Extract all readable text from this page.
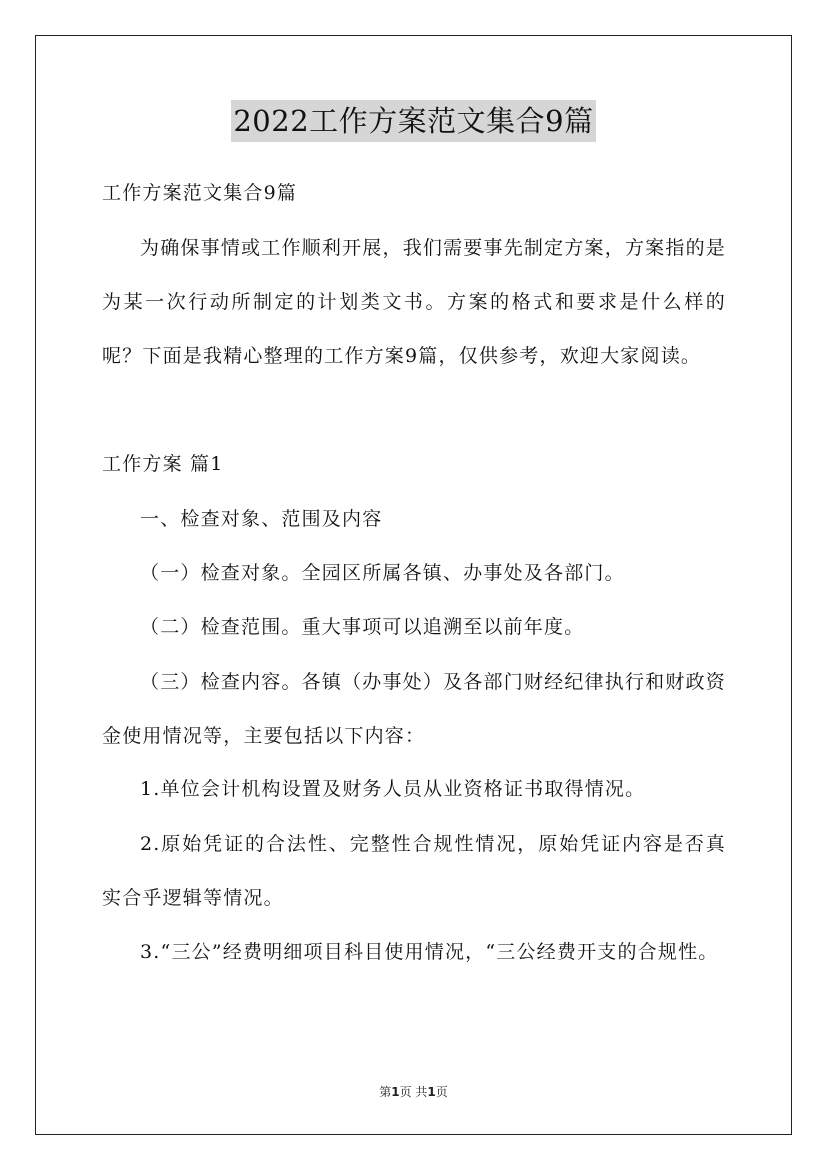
2022工作方案范文集合9篇

工作方案范文集合9篇

为确保事情或工作顺利开展，我们需要事先制定方案，方案指的是为某一次行动所制定的计划类文书。方案的格式和要求是什么样的呢？下面是我精心整理的工作方案9篇，仅供参考，欢迎大家阅读。

工作方案 篇1

一、检查对象、范围及内容

（一）检查对象。全园区所属各镇、办事处及各部门。

（二）检查范围。重大事项可以追溯至以前年度。

（三）检查内容。各镇（办事处）及各部门财经纪律执行和财政资金使用情况等，主要包括以下内容：

1.单位会计机构设置及财务人员从业资格证书取得情况。

2.原始凭证的合法性、完整性合规性情况，原始凭证内容是否真实合乎逻辑等情况。

3.“三公”经费明细项目科目使用情况，“三公经费开支的合规性。

第1页 共1页
